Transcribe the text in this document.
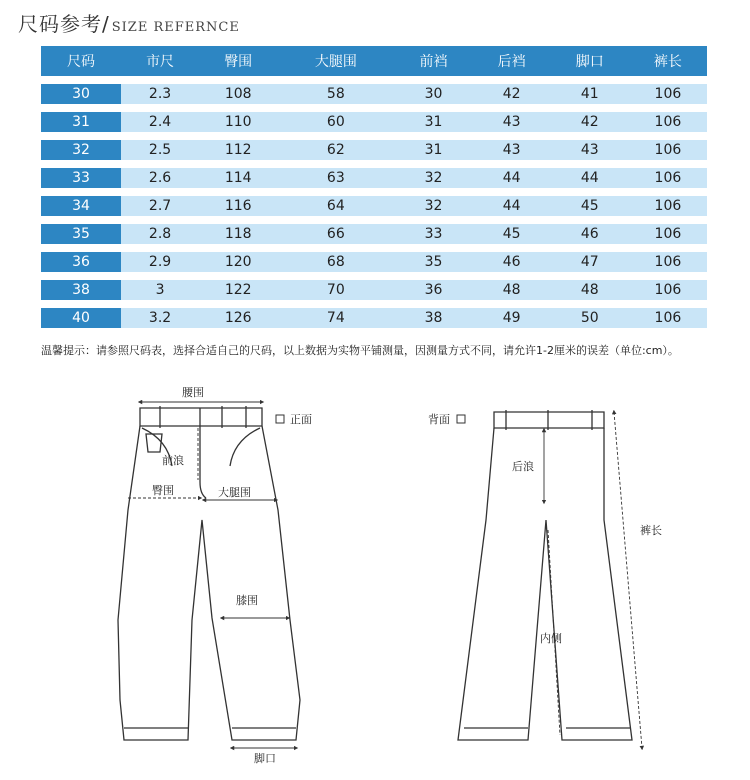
尺码参考/ SIZE REFERNCE
尺码	市尺	臀围	大腿围	前裆	后裆	脚口	裤长
30	2.3	108	58	30	42	41	106
31	2.4	110	60	31	43	42	106
32	2.5	112	62	31	43	43	106
33	2.6	114	63	32	44	44	106
34	2.7	116	64	32	44	45	106
35	2.8	118	66	33	45	46	106
36	2.9	120	68	35	46	47	106
38	3	122	70	36	48	48	106
40	3.2	126	74	38	49	50	106
温馨提示：请参照尺码表，选择合适自己的尺码，以上数据为实物平铺测量，因测量方式不同，请允许1-2厘米的误差（单位:cm）。
正面
腰围
前浪
臀围	大腿围
膝围
脚口
背面
后浪
裤长
内侧
